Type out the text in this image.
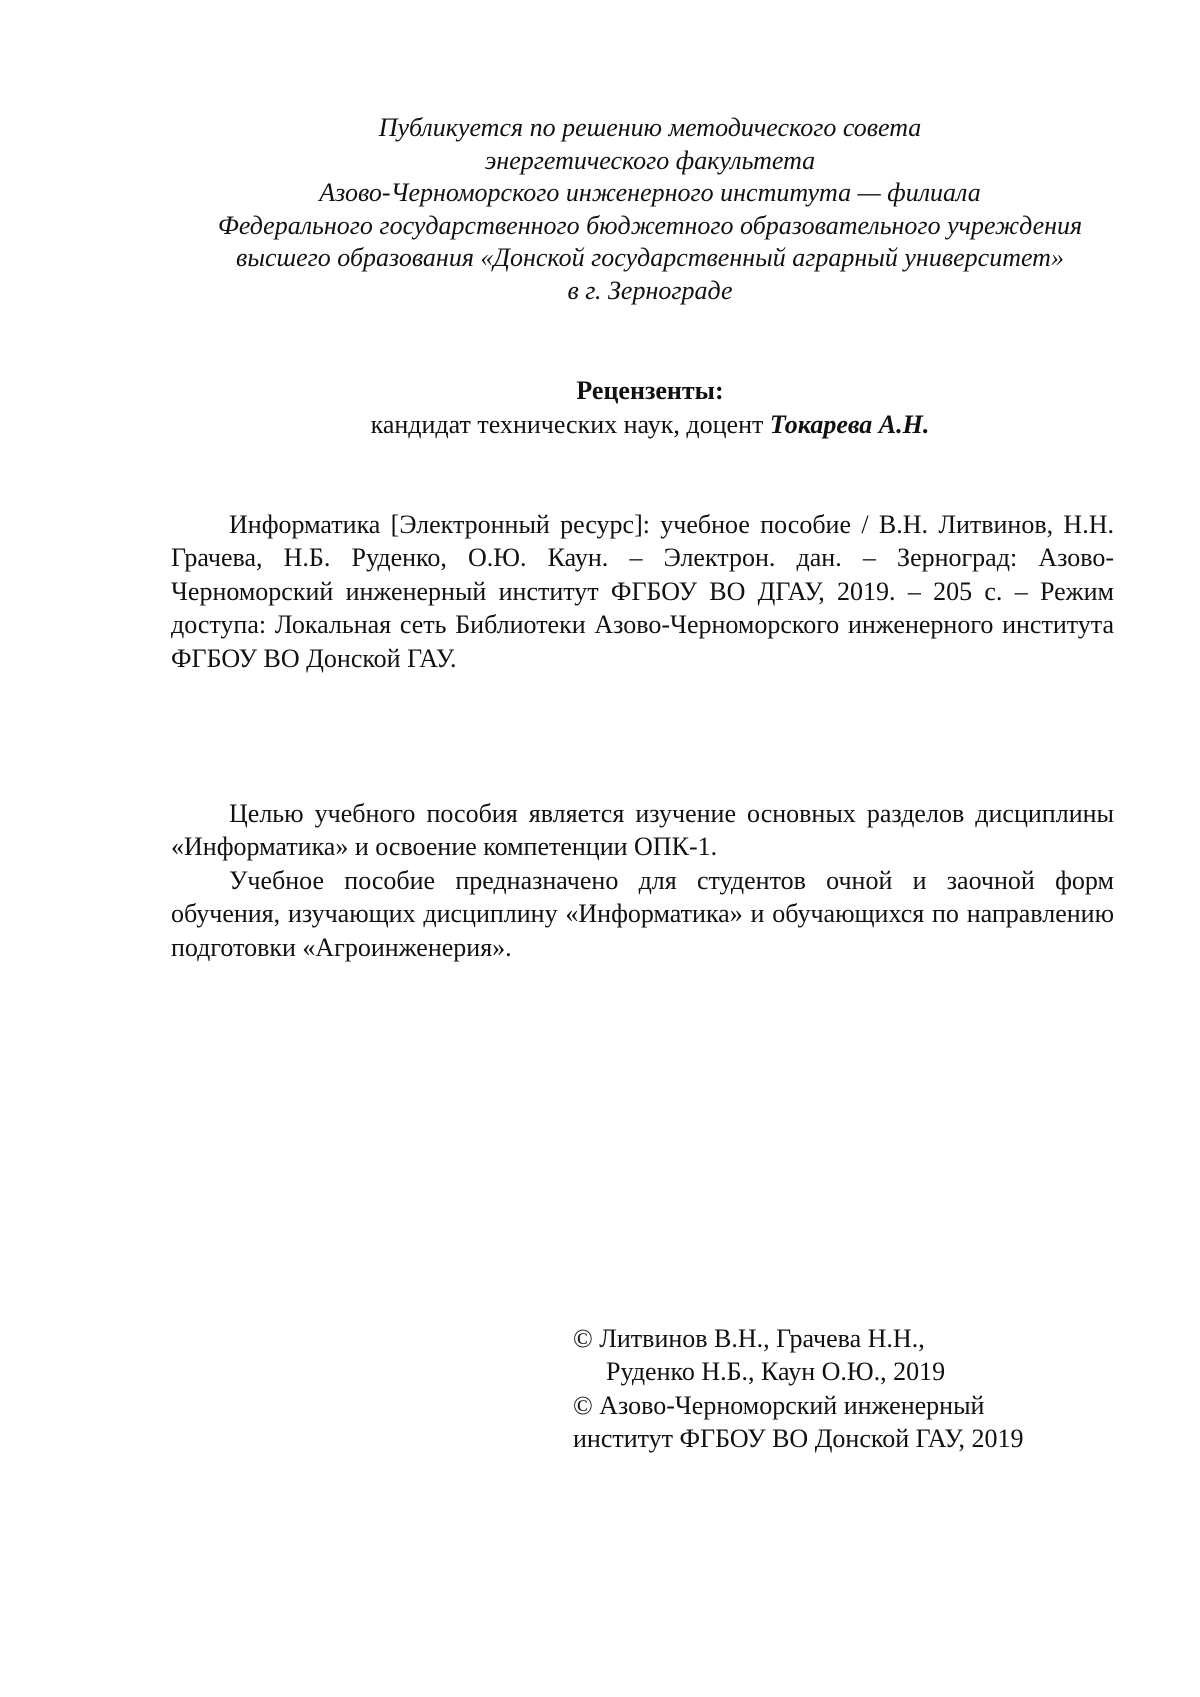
Публикуется по решению методического совета
энергетического факультета
Азово-Черноморского инженерного института — филиала
Федерального государственного бюджетного образовательного учреждения
высшего образования «Донской государственный аграрный университет»
в г. Зернограде
Рецензенты:
кандидат технических наук, доцент Токарева А.Н.

Информатика [Электронный ресурс]: учебное пособие / В.Н. Литвинов, Н.Н. Грачева, Н.Б. Руденко, О.Ю. Каун. – Электрон. дан. – Зерноград: Азово-Черноморский инженерный институт ФГБОУ ВО ДГАУ, 2019. – 205 с. – Режим доступа: Локальная сеть Библиотеки Азово-Черноморского инженерного института ФГБОУ ВО Донской ГАУ.

Целью учебного пособия является изучение основных разделов дисциплины «Информатика» и освоение компетенции ОПК-1.

Учебное пособие предназначено для студентов очной и заочной форм обучения, изучающих дисциплину «Информатика» и обучающихся по направлению подготовки «Агроинженерия».

© Литвинов В.Н., Грачева Н.Н.,
Руденко Н.Б., Каун О.Ю., 2019
© Азово-Черноморский инженерный
институт ФГБОУ ВО Донской ГАУ, 2019
